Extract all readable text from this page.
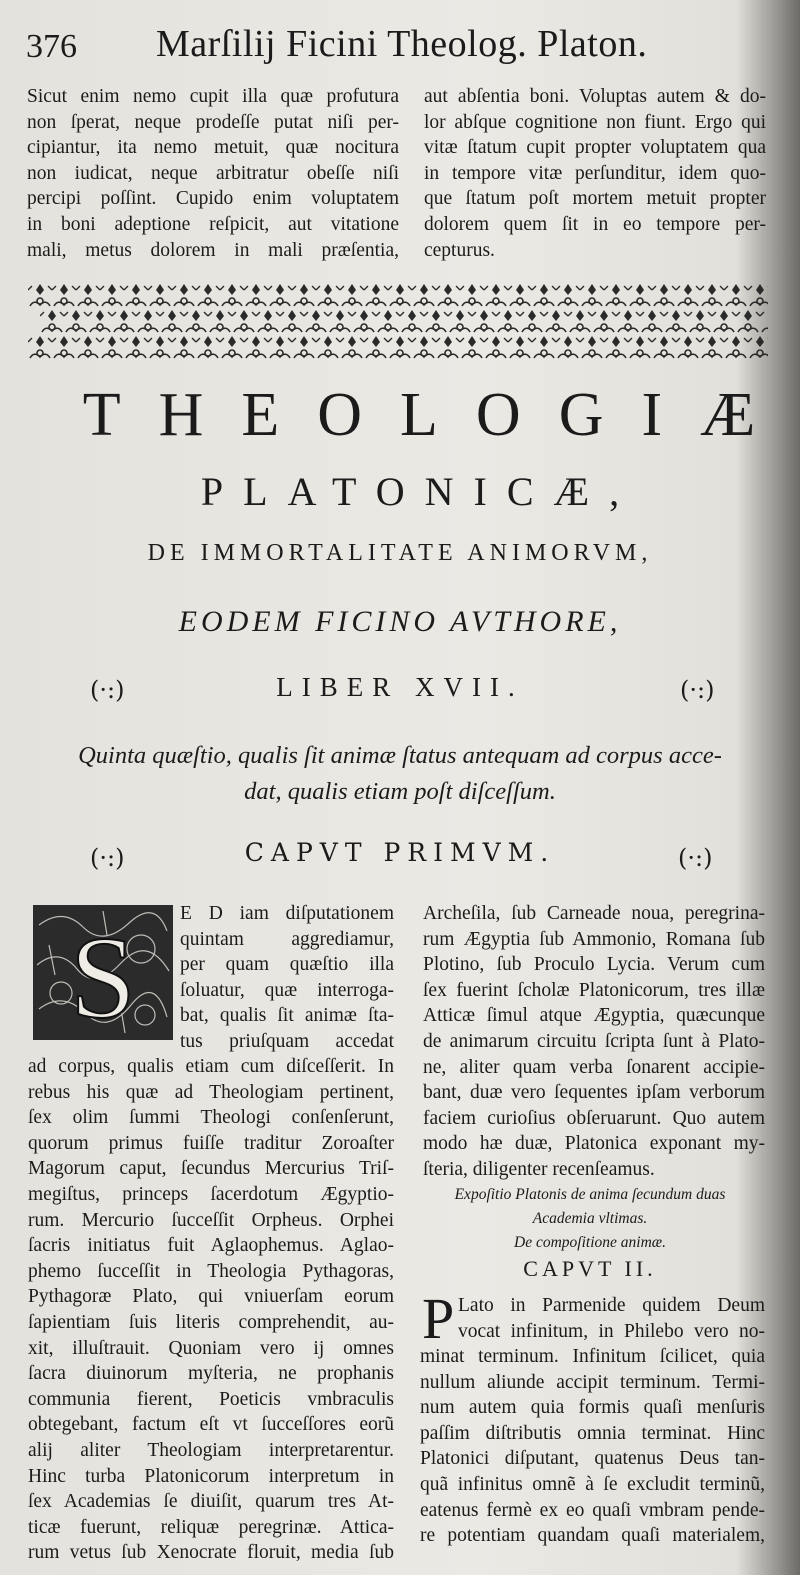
376 Marſilij Ficini Theolog. Platon.
Sicut enim nemo cupit illa quæ profutura
non ſperat, neque prodeſſe putat niſi per-
cipiantur, ita nemo metuit, quæ nocitura
non iudicat, neque arbitratur obeſſe niſi
percipi poſſint. Cupido enim voluptatem
in boni adeptione reſpicit, aut vitatione
mali, metus dolorem in mali præſentia,
aut abſentia boni. Voluptas autem & do-
lor abſque cognitione non fiunt. Ergo qui
vitæ ſtatum cupit propter voluptatem qua
in tempore vitæ perſunditur, idem quo-
que ſtatum poſt mortem metuit propter
dolorem quem ſit in eo tempore per-
cepturus.
THEOLOGIÆ
PLATONICÆ,
DE IMMORTALITATE ANIMORVM,
EODEM FICINO AVTHORE,
(·:)	LIBER XVII.	(·:)
Quinta quæſtio, qualis ſit animæ ſtatus antequam ad corpus acce-
dat, qualis etiam poſt diſceſſum.
(·:)	CAPVT PRIMVM.	(·:)
S E D iam diſputationem
quintam aggrediamur,
per quam quæſtio illa
ſoluatur, quæ interroga-
bat, qualis ſit animæ ſta-
tus priuſquam accedat
ad corpus, qualis etiam cum diſceſſerit. In
rebus his quæ ad Theologiam pertinent,
ſex olim ſummi Theologi conſenſerunt,
quorum primus fuiſſe traditur Zoroaſter
Magorum caput, ſecundus Mercurius Triſ-
megiſtus, princeps ſacerdotum Ægyptio-
rum. Mercurio ſucceſſit Orpheus. Orphei
ſacris initiatus fuit Aglaophemus. Aglao-
phemo ſucceſſit in Theologia Pythagoras,
Pythagoræ Plato, qui vniuerſam eorum
ſapientiam ſuis literis comprehendit, au-
xit, illuſtrauit. Quoniam vero ij omnes
ſacra diuinorum myſteria, ne prophanis
communia fierent, Poeticis vmbraculis
obtegebant, factum eſt vt ſucceſſores eorũ
alij aliter Theologiam interpretarentur.
Hinc turba Platonicorum interpretum in
ſex Academias ſe diuiſit, quarum tres At-
ticæ fuerunt, reliquæ peregrinæ. Attica-
rum vetus ſub Xenocrate floruit, media ſub
Archeſila, ſub Carneade noua, peregrina-
rum Ægyptia ſub Ammonio, Romana ſub
Plotino, ſub Proculo Lycia. Verum cum
ſex fuerint ſcholæ Platonicorum, tres illæ
Atticæ ſimul atque Ægyptia, quæcunque
de animarum circuitu ſcripta ſunt à Plato-
ne, aliter quam verba ſonarent accipie-
bant, duæ vero ſequentes ipſam verborum
faciem curioſius obſeruarunt. Quo autem
modo hæ duæ, Platonica exponant my-
ſteria, diligenter recenſeamus.
Expoſitio Platonis de anima ſecundum duas
Academia vltimas.
De compoſitione animæ.
CAPVT II.
P Lato in Parmenide quidem Deum
vocat infinitum, in Philebo vero no-
minat terminum. Infinitum ſcilicet, quia
nullum aliunde accipit terminum. Termi-
num autem quia formis quaſi menſuris
paſſim diſtributis omnia terminat. Hinc
Platonici diſputant, quatenus Deus tan-
quã infinitus omnẽ à ſe excludit terminũ,
eatenus fermè ex eo quaſi vmbram pende-
re potentiam quandam quaſi materialem,
